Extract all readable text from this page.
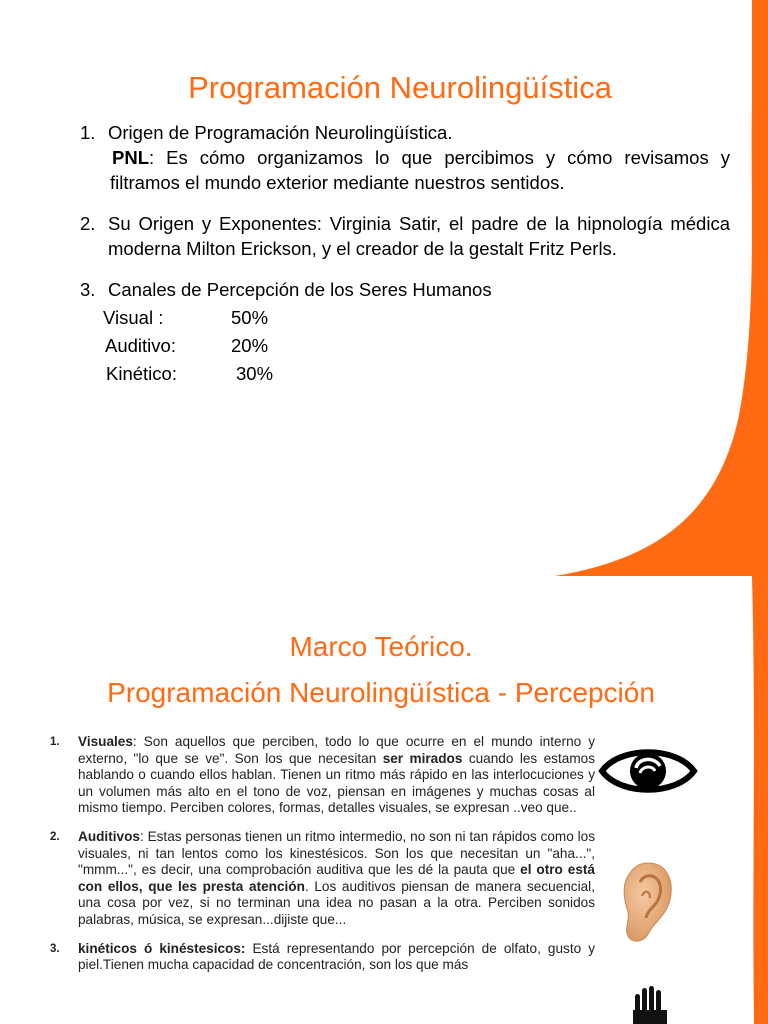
Programación Neurolingüística
1. Origen de Programación Neurolingüística.
PNL: Es cómo organizamos lo que percibimos y cómo revisamos y filtramos el mundo exterior mediante nuestros sentidos.
2. Su Origen y Exponentes: Virginia Satir, el padre de la hipnología médica moderna Milton Erickson, y el creador de la gestalt Fritz Perls.
3. Canales de Percepción de los Seres Humanos
Visual :	50%
Auditivo:	20%
Kinético:	30%
Marco Teórico.
Programación Neurolingüística - Percepción
1. Visuales: Son aquellos que perciben, todo lo que ocurre en el mundo interno y externo, "lo que se ve". Son los que necesitan ser mirados cuando les estamos hablando o cuando ellos hablan. Tienen un ritmo más rápido en las interlocuciones y un volumen más alto en el tono de voz, piensan en imágenes y muchas cosas al mismo tiempo. Perciben colores, formas, detalles visuales, se expresan ..veo que..
2. Auditivos: Estas personas tienen un ritmo intermedio, no son ni tan rápidos como los visuales, ni tan lentos como los kinestésicos. Son los que necesitan un "aha...", "mmm...", es decir, una comprobación auditiva que les dé la pauta que el otro está con ellos, que les presta atención. Los auditivos piensan de manera secuencial, una cosa por vez, si no terminan una idea no pasan a la otra. Perciben sonidos palabras, música, se expresan...dijiste que...
3. kinéticos ó kinéstesicos: Está representando por percepción de olfato, gusto y piel.Tienen mucha capacidad de concentración, son los que más
